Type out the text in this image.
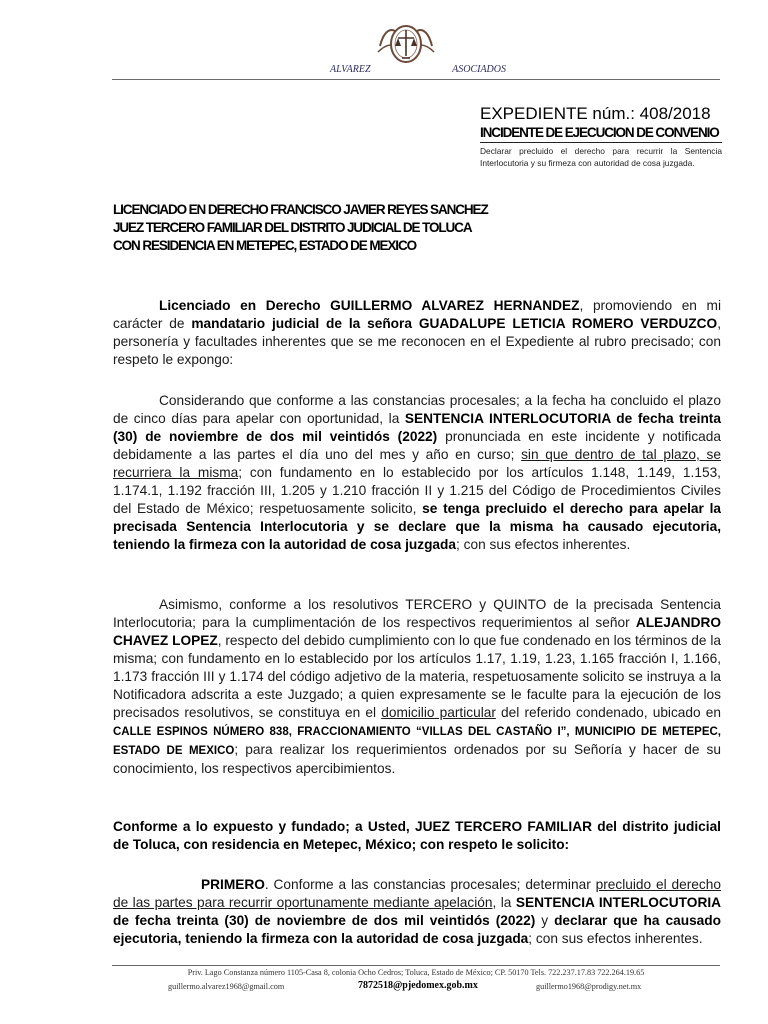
ALVAREZ	ASOCIADOS
EXPEDIENTE núm.: 408/2018
INCIDENTE DE EJECUCION DE CONVENIO
Declarar precluido el derecho para recurrir la Sentencia Interlocutoria y su firmeza con autoridad de cosa juzgada.
LICENCIADO EN DERECHO FRANCISCO JAVIER REYES SANCHEZ
JUEZ TERCERO FAMILIAR DEL DISTRITO JUDICIAL DE TOLUCA
CON RESIDENCIA EN METEPEC, ESTADO DE MEXICO
Licenciado en Derecho GUILLERMO ALVAREZ HERNANDEZ, promoviendo en mi carácter de mandatario judicial de la señora GUADALUPE LETICIA ROMERO VERDUZCO, personería y facultades inherentes que se me reconocen en el Expediente al rubro precisado; con respeto le expongo:
Considerando que conforme a las constancias procesales; a la fecha ha concluido el plazo de cinco días para apelar con oportunidad, la SENTENCIA INTERLOCUTORIA de fecha treinta (30) de noviembre de dos mil veintidós (2022) pronunciada en este incidente y notificada debidamente a las partes el día uno del mes y año en curso; sin que dentro de tal plazo, se recurriera la misma; con fundamento en lo establecido por los artículos 1.148, 1.149, 1.153, 1.174.1, 1.192 fracción III, 1.205 y 1.210 fracción II y 1.215 del Código de Procedimientos Civiles del Estado de México; respetuosamente solicito, se tenga precluido el derecho para apelar la precisada Sentencia Interlocutoria y se declare que la misma ha causado ejecutoria, teniendo la firmeza con la autoridad de cosa juzgada; con sus efectos inherentes.
Asimismo, conforme a los resolutivos TERCERO y QUINTO de la precisada Sentencia Interlocutoria; para la cumplimentación de los respectivos requerimientos al señor ALEJANDRO CHAVEZ LOPEZ, respecto del debido cumplimiento con lo que fue condenado en los términos de la misma; con fundamento en lo establecido por los artículos 1.17, 1.19, 1.23, 1.165 fracción I, 1.166, 1.173 fracción III y 1.174 del código adjetivo de la materia, respetuosamente solicito se instruya a la Notificadora adscrita a este Juzgado; a quien expresamente se le faculte para la ejecución de los precisados resolutivos, se constituya en el domicilio particular del referido condenado, ubicado en CALLE ESPINOS NÚMERO 838, FRACCIONAMIENTO “VILLAS DEL CASTAÑO I”, MUNICIPIO DE METEPEC, ESTADO DE MEXICO; para realizar los requerimientos ordenados por su Señoría y hacer de su conocimiento, los respectivos apercibimientos.
Conforme a lo expuesto y fundado; a Usted, JUEZ TERCERO FAMILIAR del distrito judicial de Toluca, con residencia en Metepec, México; con respeto le solicito:
PRIMERO. Conforme a las constancias procesales; determinar precluido el derecho de las partes para recurrir oportunamente mediante apelación, la SENTENCIA INTERLOCUTORIA de fecha treinta (30) de noviembre de dos mil veintidós (2022) y declarar que ha causado ejecutoria, teniendo la firmeza con la autoridad de cosa juzgada; con sus efectos inherentes.
Priv. Lago Constanza número 1105-Casa 8, colonia Ocho Cedros; Toluca, Estado de México; CP. 50170 Tels. 722.237.17.83 722.264.19.65
guillermo.alvarez1968@gmail.com	7872518@pjedomex.gob.mx	guillermo1968@prodigy.net.mx
